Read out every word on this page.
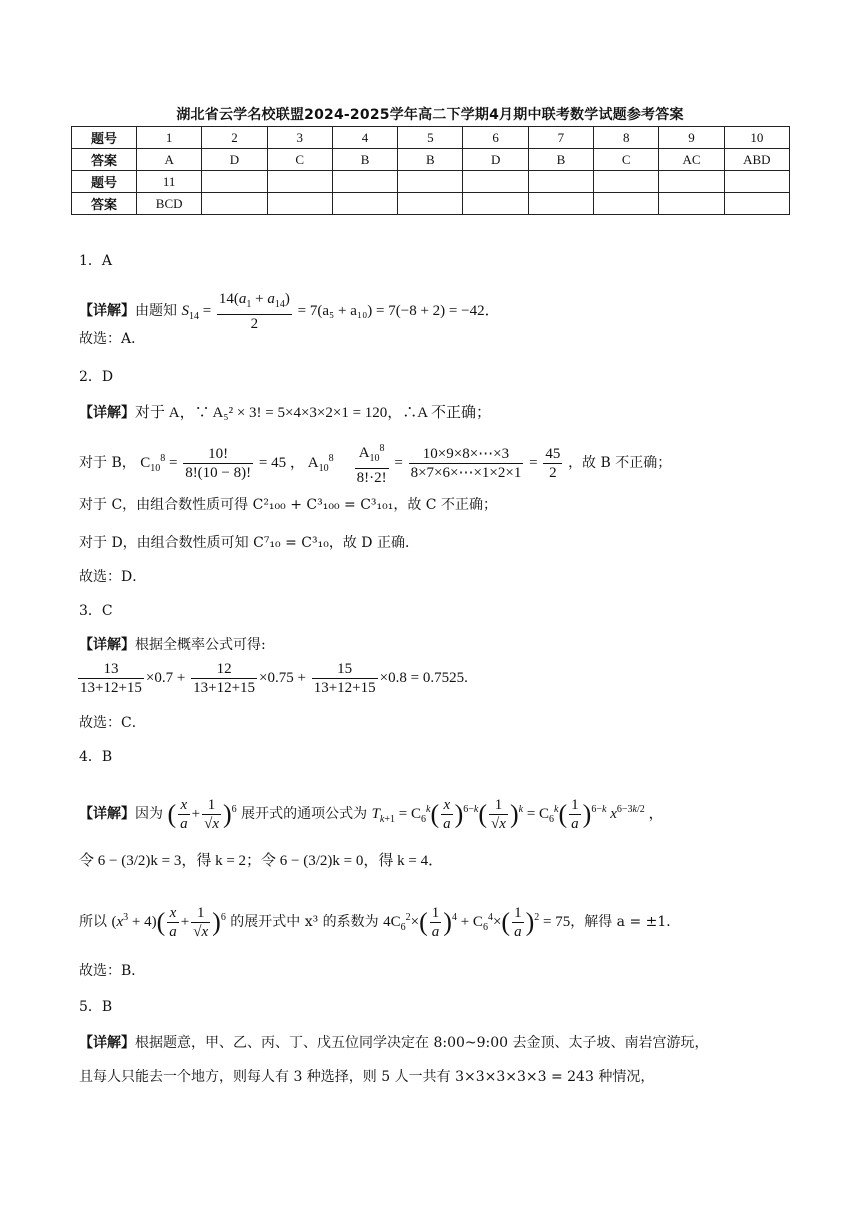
湖北省云学名校联盟2024-2025学年高二下学期4月期中联考数学试题参考答案
题号	1	2	3	4	5	6	7	8	9	10
答案	A	D	C	B	B	D	B	C	AC	ABD
题号	11									
答案	BCD									
1．A
【详解】由题知 $S_{14} = \frac{14(a_1 + a_{14})}{2} = 7(a_5 + a_{10}) = 7(-8 + 2) = -42$．
故选：A．
2．D
【详解】对于 A，∵ A₅² × 3! = 5×4×3×2×1 = 120，∴A 不正确；
对于 B， $C_{10}^8 = \frac{10!}{8!(10 - 8)!} = 45$ ， $A_{10}^8$
$\frac{A_{10}^8}{8!\cdot 2!} = \frac{10\times 9\times 8\times\cdots\times 3}{8\times 7\times 6\times\cdots\times 1\times 2\times 1} = \frac{45}{2}$ ，故 B 不正确；
对于 C，由组合数性质可得 C²₁₀₀ + C³₁₀₀ = C³₁₀₁，故 C 不正确；
对于 D，由组合数性质可知 C⁷₁₀ = C³₁₀，故 D 正确．
故选：D．
3．C
【详解】根据全概率公式可得:
$\frac{13}{13+12+15} \times 0.7 + \frac{12}{13+12+15} \times 0.75 + \frac{15}{13+12+15} \times 0.8 = 0.7525$.
故选：C．
4．B
【详解】因为 ( $\frac{x}{a} + \frac{1}{√x} )^6$ 展开式的通项公式为 $T_{k+1} = C_6^k( \frac{x}{a} )^{6-k}( \frac{1}{√x} )^k = C_6^k( \frac{1}{a} )^{6-k}$ $x^{6-3k/2}$ ，
令 6 − (3/2)k = 3，得 k = 2；令 6 − (3/2)k = 0，得 k = 4．
所以 $(x^3 + 4)( \frac{x}{a} + \frac{1}{√x} )^6$ 的展开式中 x³ 的系数为 $4C_6^2\times( \frac{1}{a} )^4 + C_6^4\times( \frac{1}{a} )^2 = 75$，解得 a = ±1．
故选：B．
5．B
【详解】根据题意，甲、乙、丙、丁、戊五位同学决定在 8:00~9:00 去金顶、太子坡、南岩宫游玩，
且每人只能去一个地方，则每人有 3 种选择，则 5 人一共有 3×3×3×3×3 = 243 种情况，
